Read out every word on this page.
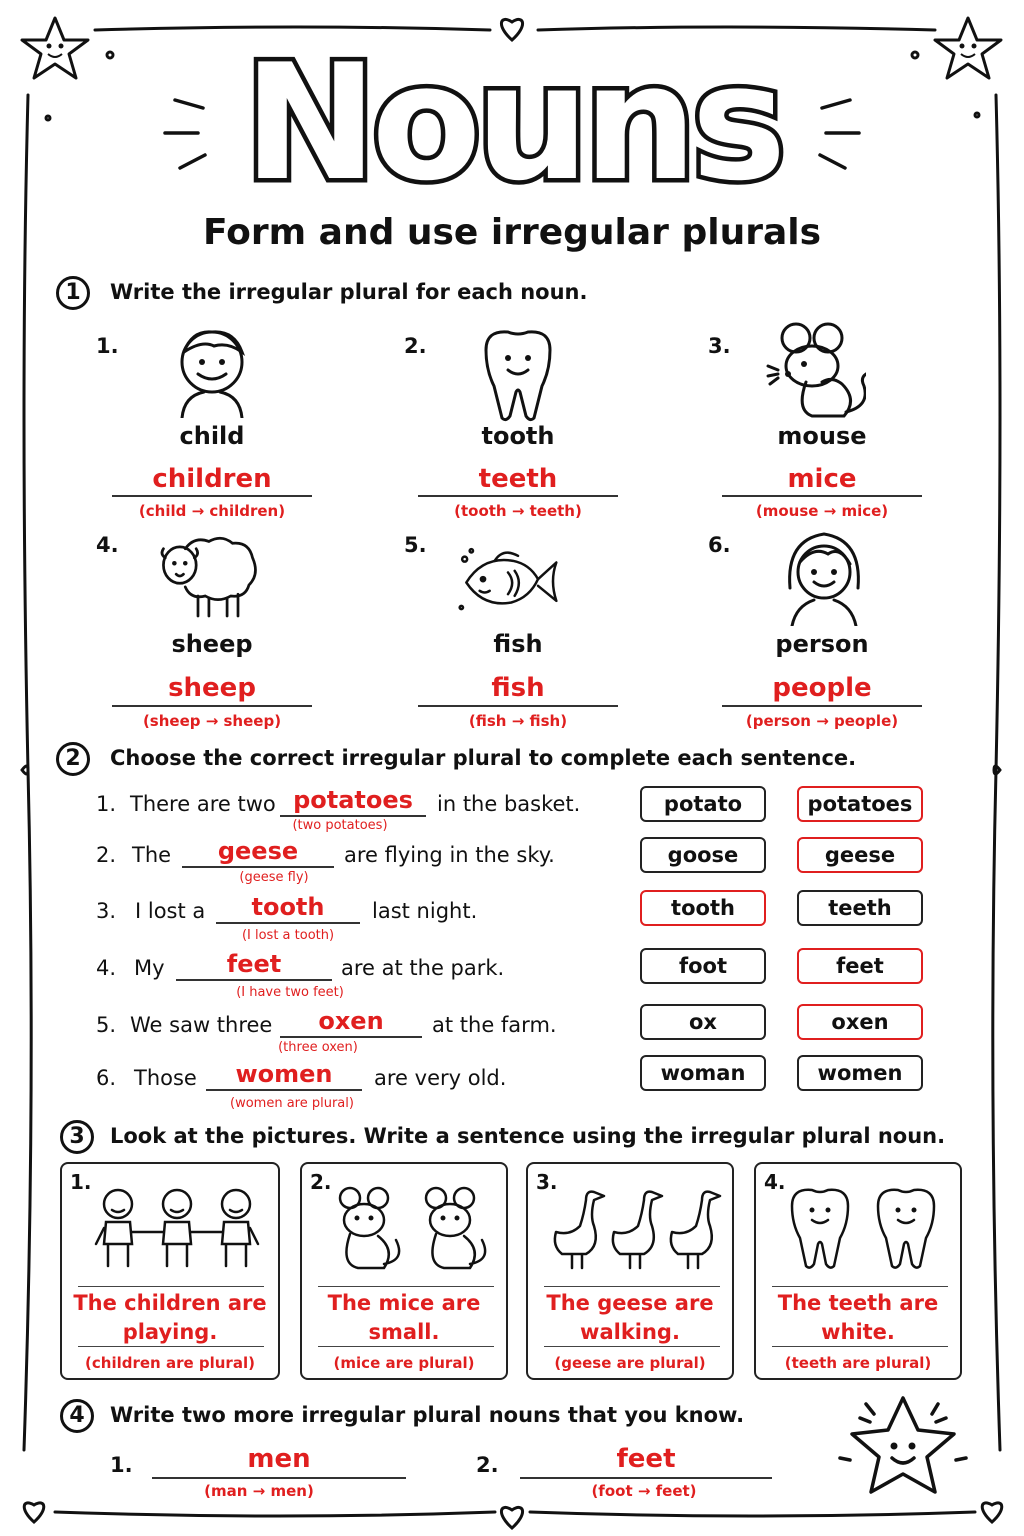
Nouns
Form and use irregular plurals
1	Write the irregular plural for each noun.
1.
child
children
(child → children)
2.
tooth
teeth
(tooth → teeth)
3.
mouse
mice
(mouse → mice)
4.
sheep
sheep
(sheep → sheep)
5.
fish
fish
(fish → fish)
6.
person
people
(person → people)
2	Choose the correct irregular plural to complete each sentence.
1. There are two potatoes
(two potatoes)
in the basket.	potato	potatoes
2. The	geese
(geese fly)
are flying in the sky.	goose	geese
3. I lost a	tooth
(I lost a tooth)
last night.	tooth	teeth
4. My	feet
(I have two feet)
are at the park.	foot	feet
5. We saw three	oxen
(three oxen)
at the farm.	ox	oxen
6. Those	women
(women are plural)
are very old.	woman	women
3	Look at the pictures. Write a sentence using the irregular plural noun.
1.
The children are
playing.
(children are plural)
2.
The mice are
small.
(mice are plural)
3.
The geese are
walking.
(geese are plural)
4.
The teeth are
white.
(teeth are plural)
4	Write two more irregular plural nouns that you know.
1.	men
(man → men)
2.	feet
(foot → feet)
